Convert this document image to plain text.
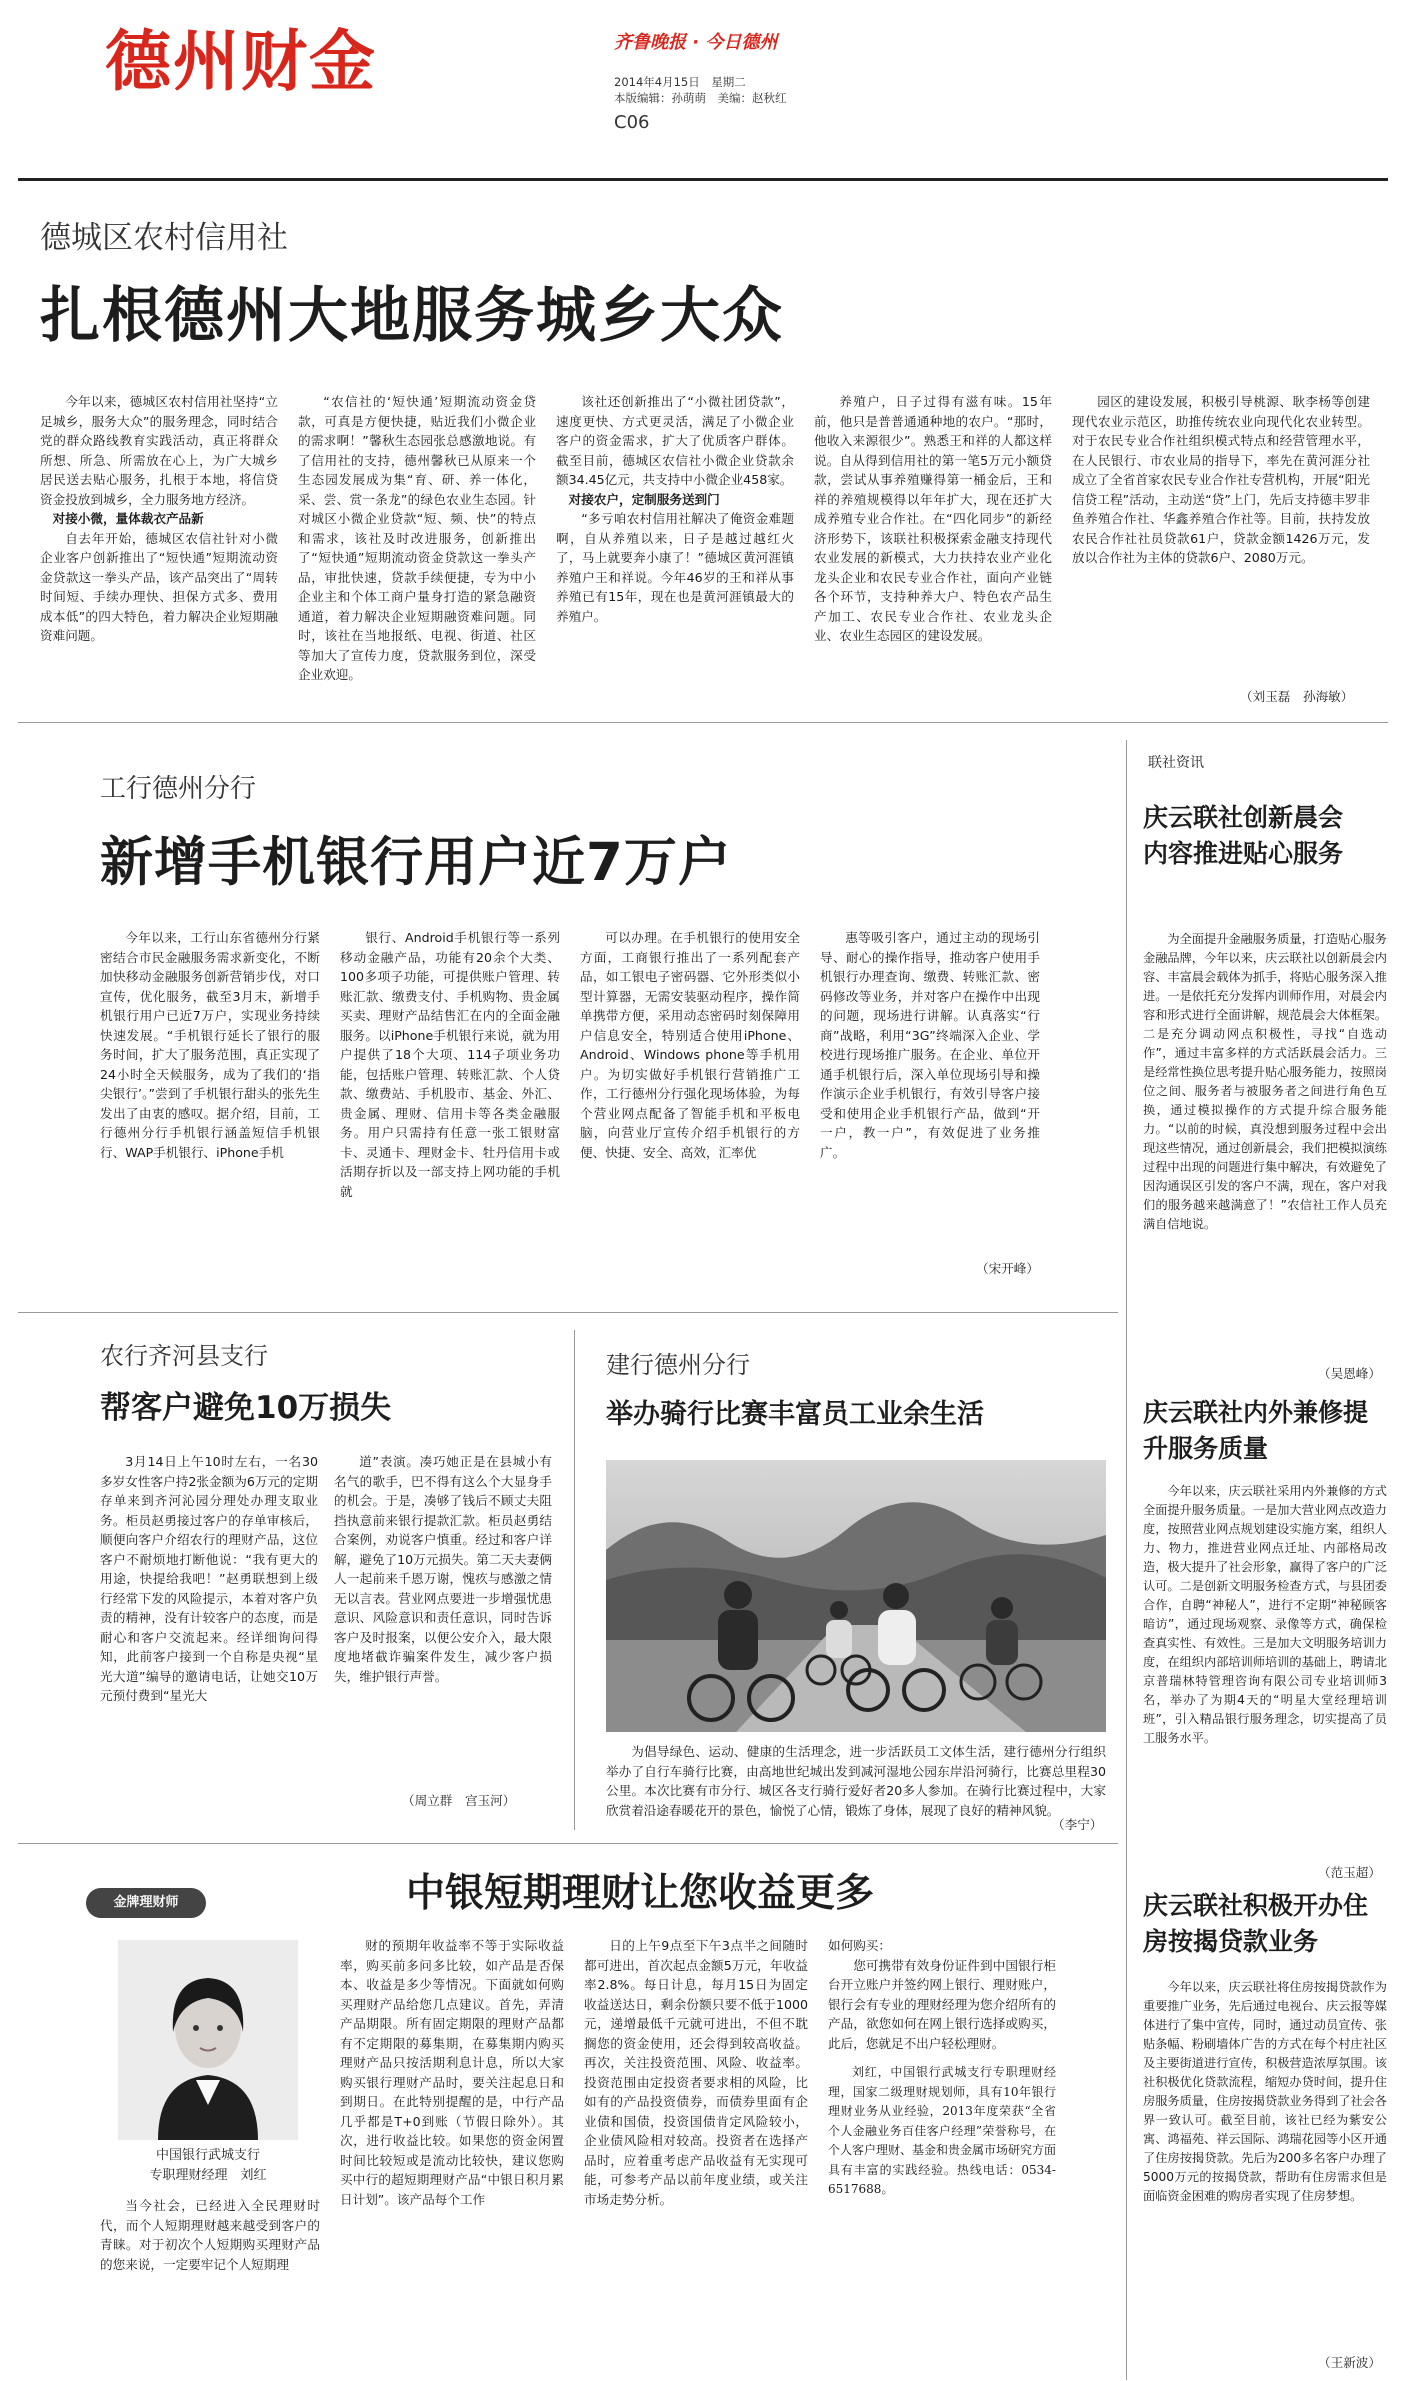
德州财金	齐鲁晚报 · 今日德州
2014年4月15日　星期二
本版编辑：孙萌萌　美编：赵秋红
C06
德城区农村信用社
扎根德州大地服务城乡大众

今年以来，德城区农村信用社坚持“立足城乡，服务大众”的服务理念，同时结合党的群众路线教育实践活动，真正将群众所想、所急、所需放在心上，为广大城乡居民送去贴心服务，扎根于本地，将信贷资金投放到城乡，全力服务地方经济。

对接小微，量体裁衣产品新

自去年开始，德城区农信社针对小微企业客户创新推出了“短快通”短期流动资金贷款这一拳头产品，该产品突出了“周转时间短、手续办理快、担保方式多、费用成本低”的四大特色，着力解决企业短期融资难问题。

“农信社的‘短快通’短期流动资金贷款，可真是方便快捷，贴近我们小微企业的需求啊！”馨秋生态园张总感激地说。有了信用社的支持，德州馨秋已从原来一个生态园发展成为集“育、研、养一体化，采、尝、赏一条龙”的绿色农业生态园。针对城区小微企业贷款“短、频、快”的特点和需求，该社及时改进服务，创新推出了“短快通”短期流动资金贷款这一拳头产品，审批快速，贷款手续便捷，专为中小企业主和个体工商户量身打造的紧急融资通道，着力解决企业短期融资难问题。同时，该社在当地报纸、电视、街道、社区等加大了宣传力度，贷款服务到位，深受企业欢迎。

该社还创新推出了“小微社团贷款”，速度更快、方式更灵活，满足了小微企业客户的资金需求，扩大了优质客户群体。截至目前，德城区农信社小微企业贷款余额34.45亿元，共支持中小微企业458家。

对接农户，定制服务送到门

“多亏咱农村信用社解决了俺资金难题啊，自从养殖以来，日子是越过越红火了，马上就要奔小康了！”德城区黄河涯镇养殖户王和祥说。今年46岁的王和祥从事养殖已有15年，现在也是黄河涯镇最大的养殖户。

养殖户，日子过得有滋有味。15年前，他只是普普通通种地的农户。“那时，他收入来源很少”。熟悉王和祥的人都这样说。自从得到信用社的第一笔5万元小额贷款，尝试从事养殖赚得第一桶金后，王和祥的养殖规模得以年年扩大，现在还扩大成养殖专业合作社。在“四化同步”的新经济形势下，该联社积极探索金融支持现代农业发展的新模式，大力扶持农业产业化龙头企业和农民专业合作社，面向产业链各个环节，支持种养大户、特色农产品生产加工、农民专业合作社、农业龙头企业、农业生态园区的建设发展。

园区的建设发展，积极引导桃源、耿李杨等创建现代农业示范区，助推传统农业向现代化农业转型。对于农民专业合作社组织模式特点和经营管理水平，在人民银行、市农业局的指导下，率先在黄河涯分社成立了全省首家农民专业合作社专营机构，开展“阳光信贷工程”活动，主动送“贷”上门，先后支持德丰罗非鱼养殖合作社、华鑫养殖合作社等。目前，扶持发放农民合作社社员贷款61户，贷款金额1426万元，发放以合作社为主体的贷款6户、2080万元。

（刘玉磊　孙海敏）
工行德州分行
新增手机银行用户近7万户

今年以来，工行山东省德州分行紧密结合市民金融服务需求新变化，不断加快移动金融服务创新营销步伐，对口宣传，优化服务，截至3月末，新增手机银行用户已近7万户，实现业务持续快速发展。“手机银行延长了银行的服务时间，扩大了服务范围，真正实现了24小时全天候服务，成为了我们的‘指尖银行’。”尝到了手机银行甜头的张先生发出了由衷的感叹。据介绍，目前，工行德州分行手机银行涵盖短信手机银行、WAP手机银行、iPhone手机

银行、Android手机银行等一系列移动金融产品，功能有20余个大类、100多项子功能，可提供账户管理、转账汇款、缴费支付、手机购物、贵金属买卖、理财产品结售汇在内的全面金融服务。以iPhone手机银行来说，就为用户提供了18个大项、114子项业务功能，包括账户管理、转账汇款、个人贷款、缴费站、手机股市、基金、外汇、贵金属、理财、信用卡等各类金融服务。用户只需持有任意一张工银财富卡、灵通卡、理财金卡、牡丹信用卡或活期存折以及一部支持上网功能的手机就

可以办理。在手机银行的使用安全方面，工商银行推出了一系列配套产品，如工银电子密码器、它外形类似小型计算器，无需安装驱动程序，操作简单携带方便，采用动态密码时刻保障用户信息安全，特别适合使用iPhone、Android、Windows phone等手机用户。为切实做好手机银行营销推广工作，工行德州分行强化现场体验，为每个营业网点配备了智能手机和平板电脑，向营业厅宣传介绍手机银行的方便、快捷、安全、高效，汇率优

惠等吸引客户，通过主动的现场引导、耐心的操作指导，推动客户使用手机银行办理查询、缴费、转账汇款、密码修改等业务，并对客户在操作中出现的问题，现场进行讲解。认真落实“行商”战略，利用“3G”终端深入企业、学校进行现场推广服务。在企业、单位开通手机银行后，深入单位现场引导和操作演示企业手机银行，有效引导客户接受和使用企业手机银行产品，做到“开一户，教一户”，有效促进了业务推广。

（宋开峰）
联社资讯
庆云联社创新晨会内容推进贴心服务

为全面提升金融服务质量，打造贴心服务金融品牌，今年以来，庆云联社以创新晨会内容、丰富晨会载体为抓手，将贴心服务深入推进。一是依托充分发挥内训师作用，对晨会内容和形式进行全面讲解，规范晨会大体框架。二是充分调动网点积极性，寻找“自选动作”，通过丰富多样的方式活跃晨会活力。三是经常性换位思考提升贴心服务能力，按照岗位之间、服务者与被服务者之间进行角色互换，通过模拟操作的方式提升综合服务能力。“以前的时候，真没想到服务过程中会出现这些情况，通过创新晨会，我们把模拟演练过程中出现的问题进行集中解决，有效避免了因沟通误区引发的客户不满，现在，客户对我们的服务越来越满意了！”农信社工作人员充满自信地说。

（吴恩峰）
庆云联社内外兼修提升服务质量

今年以来，庆云联社采用内外兼修的方式全面提升服务质量。一是加大营业网点改造力度，按照营业网点规划建设实施方案，组织人力、物力，推进营业网点迁址、内部格局改造，极大提升了社会形象，赢得了客户的广泛认可。二是创新文明服务检查方式，与县团委合作，自聘“神秘人”，进行不定期“神秘顾客暗访”，通过现场观察、录像等方式，确保检查真实性、有效性。三是加大文明服务培训力度，在组织内部培训师培训的基础上，聘请北京普瑞林特管理咨询有限公司专业培训师3名，举办了为期4天的“明星大堂经理培训班”，引入精品银行服务理念，切实提高了员工服务水平。

（范玉超）
庆云联社积极开办住房按揭贷款业务

今年以来，庆云联社将住房按揭贷款作为重要推广业务，先后通过电视台、庆云报等媒体进行了集中宣传，同时，通过动员宣传、张贴条幅、粉刷墙体广告的方式在每个村庄社区及主要街道进行宣传，积极营造浓厚氛围。该社积极优化贷款流程，缩短办贷时间，提升住房服务质量，住房按揭贷款业务得到了社会各界一致认可。截至目前，该社已经为紫安公寓、鸿福苑、祥云国际、鸿瑞花园等小区开通了住房按揭贷款。先后为200多名客户办理了5000万元的按揭贷款，帮助有住房需求但是面临资金困难的购房者实现了住房梦想。

（王新波）
农行齐河县支行
帮客户避免10万损失

3月14日上午10时左右，一名30多岁女性客户持2张金额为6万元的定期存单来到齐河沁园分理处办理支取业务。柜员赵勇接过客户的存单审核后，顺便向客户介绍农行的理财产品，这位客户不耐烦地打断他说：“我有更大的用途，快提给我吧！”赵勇联想到上级行经常下发的风险提示，本着对客户负责的精神，没有计较客户的态度，而是耐心和客户交流起来。经详细询问得知，此前客户接到一个自称是央视“星光大道”编导的邀请电话，让她交10万元预付费到“星光大

道”表演。凑巧她正是在县城小有名气的歌手，巴不得有这么个大显身手的机会。于是，凑够了钱后不顾丈夫阻挡执意前来银行提款汇款。柜员赵勇结合案例，劝说客户慎重。经过和客户详解，避免了10万元损失。第二天夫妻俩人一起前来千恩万谢，愧疚与感激之情无以言表。营业网点要进一步增强忧患意识、风险意识和责任意识，同时告诉客户及时报案，以便公安介入，最大限度地堵截诈骗案件发生，减少客户损失，维护银行声誉。

（周立群　宫玉河）
建行德州分行
举办骑行比赛丰富员工业余生活

为倡导绿色、运动、健康的生活理念，进一步活跃员工文体生活，建行德州分行组织举办了自行车骑行比赛，由高地世纪城出发到减河湿地公园东岸沿河骑行，比赛总里程30公里。本次比赛有市分行、城区各支行骑行爱好者20多人参加。在骑行比赛过程中，大家欣赏着沿途春暖花开的景色，愉悦了心情，锻炼了身体，展现了良好的精神风貌。

（李宁）
金牌理财师	中银短期理财让您收益更多
中国银行武城支行
专职理财经理　刘红

当今社会，已经进入全民理财时代，而个人短期理财越来越受到客户的青睐。对于初次个人短期购买理财产品的您来说，一定要牢记个人短期理

财的预期年收益率不等于实际收益率，购买前多问多比较，如产品是否保本、收益是多少等情况。下面就如何购买理财产品给您几点建议。首先，弄清产品期限。所有固定期限的理财产品都有不定期限的募集期，在募集期内购买理财产品只按活期利息计息，所以大家购买银行理财产品时，要关注起息日和到期日。在此特别提醒的是，中行产品几乎都是T+0到账（节假日除外）。其次，进行收益比较。如果您的资金闲置时间比较短或是流动比较快，建议您购买中行的超短期理财产品“中银日积月累日计划”。该产品每个工作

日的上午9点至下午3点半之间随时都可进出，首次起点金额5万元，年收益率2.8%。每日计息，每月15日为固定收益送达日，剩余份额只要不低于1000元，递增最低千元就可进出，不但不耽搁您的资金使用，还会得到较高收益。再次，关注投资范围、风险、收益率。投资范围由定投资者要求相的风险，比如有的产品投资债券，而债券里面有企业债和国债，投资国债肯定风险较小，企业债风险相对较高。投资者在选择产品时，应着重考虑产品收益有无实现可能，可参考产品以前年度业绩，或关注市场走势分析。

如何购买：

您可携带有效身份证件到中国银行柜台开立账户并签约网上银行、理财账户，银行会有专业的理财经理为您介绍所有的产品，欲您如何在网上银行选择或购买，此后，您就足不出户轻松理财。

刘红，中国银行武城支行专职理财经理，国家二级理财规划师，具有10年银行理财业务从业经验，2013年度荣获“全省个人金融业务百佳客户经理”荣誉称号，在个人客户理财、基金和贵金属市场研究方面具有丰富的实践经验。热线电话：0534-6517688。
